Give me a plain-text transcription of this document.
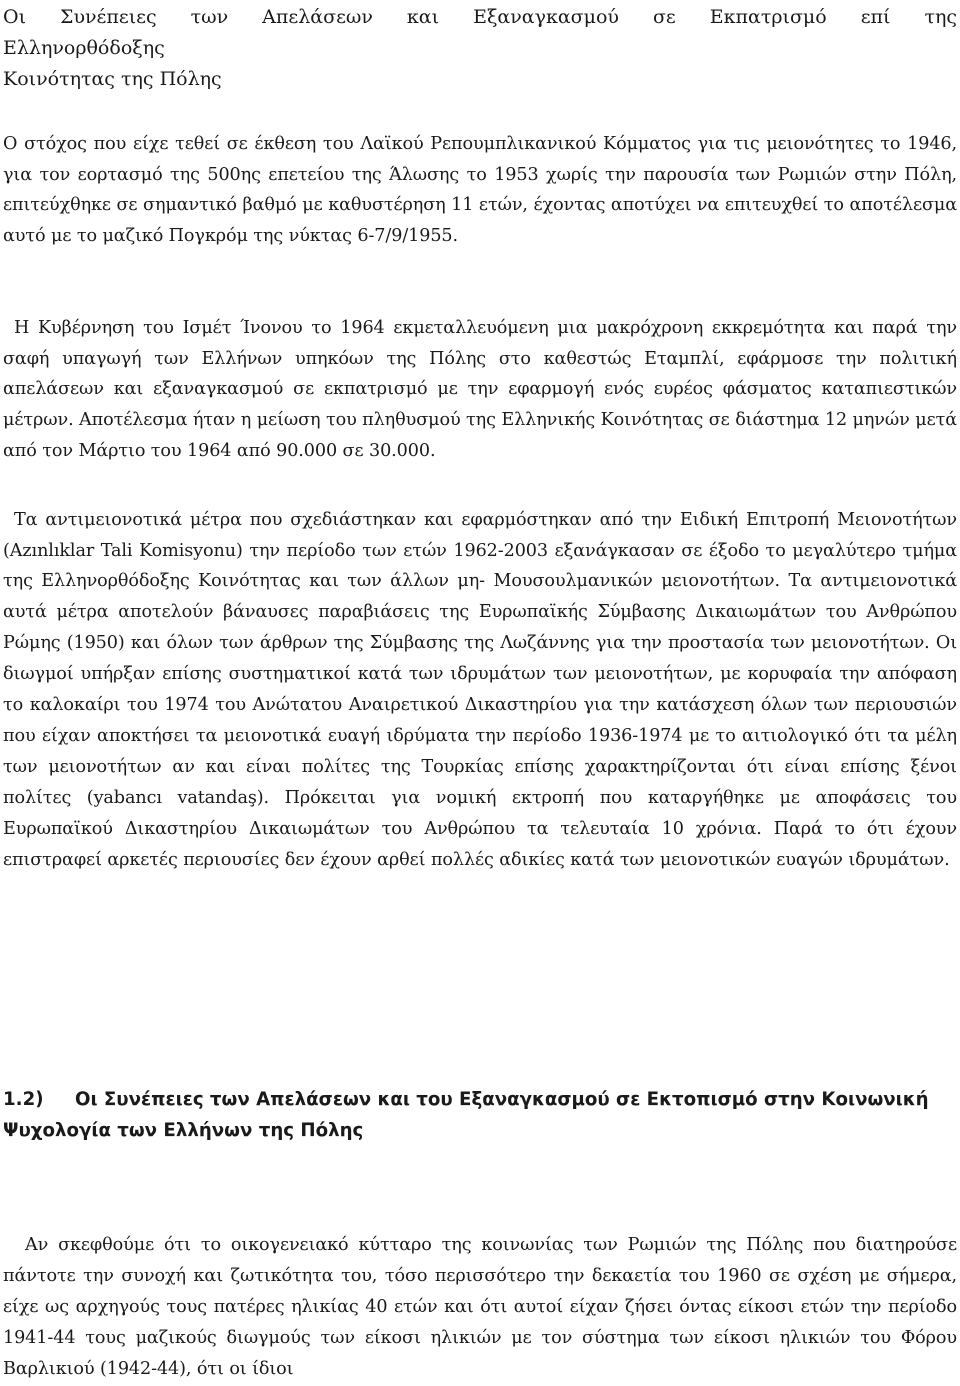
Οι Συνέπειες των Απελάσεων και Εξαναγκασμού σε Εκπατρισμό επί της
Ελληνορθόδοξης
Κοινότητας της Πόλης

Ο στόχος που είχε τεθεί σε έκθεση του Λαϊκού Ρεπουμπλικανικού Κόμματος για τις μειονότητες το 1946, για τον εορτασμό της 500ης επετείου της Άλωσης το 1953 χωρίς την παρουσία των Ρωμιών στην Πόλη, επιτεύχθηκε σε σημαντικό βαθμό με καθυστέρηση 11 ετών, έχοντας αποτύχει να επιτευχθεί το αποτέλεσμα αυτό με το μαζικό Πογκρόμ της νύκτας 6-7/9/1955.

Η Κυβέρνηση του Ισμέτ Ίνονου το 1964 εκμεταλλευόμενη μια μακρόχρονη εκκρεμότητα και παρά την σαφή υπαγωγή των Ελλήνων υπηκόων της Πόλης στο καθεστώς Εταμπλί, εφάρμοσε την πολιτική απελάσεων και εξαναγκασμού σε εκπατρισμό με την εφαρμογή ενός ευρέος φάσματος καταπιεστικών μέτρων. Αποτέλεσμα ήταν η μείωση του πληθυσμού της Ελληνικής Κοινότητας σε διάστημα 12 μηνών μετά από τον Μάρτιο του 1964 από 90.000 σε 30.000.

Τα αντιμειονοτικά μέτρα που σχεδιάστηκαν και εφαρμόστηκαν από την Ειδική Επιτροπή Μειονοτήτων (Azınlıklar Tali Komisyonu) την περίοδο των ετών 1962-2003 εξανάγκασαν σε έξοδο το μεγαλύτερο τμήμα της Ελληνορθόδοξης Κοινότητας και των άλλων μη- Μουσουλμανικών μειονοτήτων. Τα αντιμειονοτικά αυτά μέτρα αποτελούν βάναυσες παραβιάσεις της Ευρωπαϊκής Σύμβασης Δικαιωμάτων του Ανθρώπου Ρώμης (1950) και όλων των άρθρων της Σύμβασης της Λωζάννης για την προστασία των μειονοτήτων. Οι διωγμοί υπήρξαν επίσης συστηματικοί κατά των ιδρυμάτων των μειονοτήτων, με κορυφαία την απόφαση το καλοκαίρι του 1974 του Ανώτατου Αναιρετικού Δικαστηρίου για την κατάσχεση όλων των περιουσιών που είχαν αποκτήσει τα μειονοτικά ευαγή ιδρύματα την περίοδο 1936-1974 με το αιτιολογικό ότι τα μέλη των μειονοτήτων αν και είναι πολίτες της Τουρκίας επίσης χαρακτηρίζονται ότι είναι επίσης ξένοι πολίτες (yabancı vatandaş). Πρόκειται για νομική εκτροπή που καταργήθηκε με αποφάσεις του Ευρωπαϊκού Δικαστηρίου Δικαιωμάτων του Ανθρώπου τα τελευταία 10 χρόνια. Παρά το ότι έχουν επιστραφεί αρκετές περιουσίες δεν έχουν αρθεί πολλές αδικίες κατά των μειονοτικών ευαγών ιδρυμάτων.

1.2) Οι Συνέπειες των Απελάσεων και του Εξαναγκασμού σε Εκτοπισμό στην Κοινωνική Ψυχολογία των Ελλήνων της Πόλης

Αν σκεφθούμε ότι το οικογενειακό κύτταρο της κοινωνίας των Ρωμιών της Πόλης που διατηρούσε πάντοτε την συνοχή και ζωτικότητα του, τόσο περισσότερο την δεκαετία του 1960 σε σχέση με σήμερα, είχε ως αρχηγούς τους πατέρες ηλικίας 40 ετών και ότι αυτοί είχαν ζήσει όντας είκοσι ετών την περίοδο 1941-44 τους μαζικούς διωγμούς των είκοσι ηλικιών με τον σύστημα των είκοσι ηλικιών του Φόρου Βαρλικιού (1942-44), ότι οι ίδιοι
